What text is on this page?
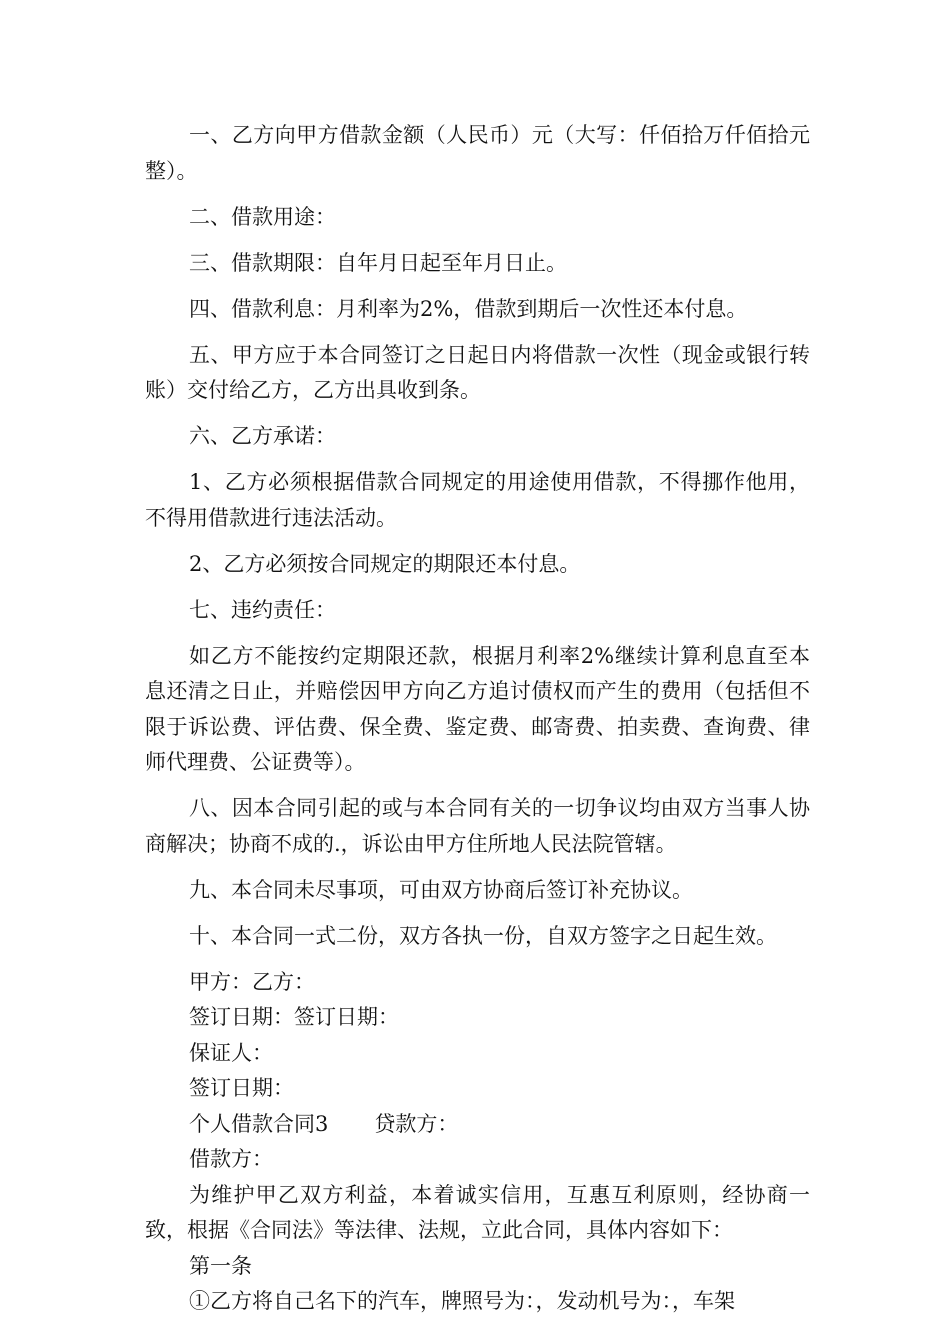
一、乙方向甲方借款金额（人民币）元（大写：仟佰拾万仟佰拾元整）。

二、借款用途：

三、借款期限：自年月日起至年月日止。

四、借款利息：月利率为2%，借款到期后一次性还本付息。

五、甲方应于本合同签订之日起日内将借款一次性（现金或银行转账）交付给乙方，乙方出具收到条。

六、乙方承诺：

1、乙方必须根据借款合同规定的用途使用借款，不得挪作他用，不得用借款进行违法活动。

2、乙方必须按合同规定的期限还本付息。

七、违约责任：

如乙方不能按约定期限还款，根据月利率2%继续计算利息直至本息还清之日止，并赔偿因甲方向乙方追讨债权而产生的费用（包括但不限于诉讼费、评估费、保全费、鉴定费、邮寄费、拍卖费、查询费、律师代理费、公证费等）。

八、因本合同引起的或与本合同有关的一切争议均由双方当事人协商解决；协商不成的.，诉讼由甲方住所地人民法院管辖。

九、本合同未尽事项，可由双方协商后签订补充协议。

十、本合同一式二份，双方各执一份，自双方签字之日起生效。

甲方：乙方：

签订日期：签订日期：

保证人：

签订日期：

个人借款合同3 贷款方：

借款方：

为维护甲乙双方利益，本着诚实信用，互惠互利原则，经协商一致，根据《合同法》等法律、法规，立此合同，具体内容如下：

第一条

①乙方将自己名下的汽车，牌照号为：，发动机号为：，车架
